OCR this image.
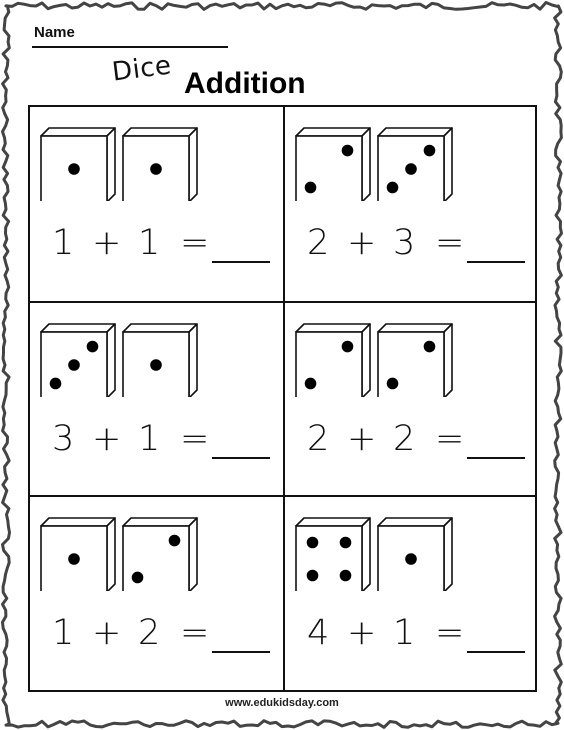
Name
Dice Addition
1 + 1 =	2 + 3 =
3 + 1 =	2 + 2 =
1 + 2 =	4 + 1 =
www.edukidsday.com
